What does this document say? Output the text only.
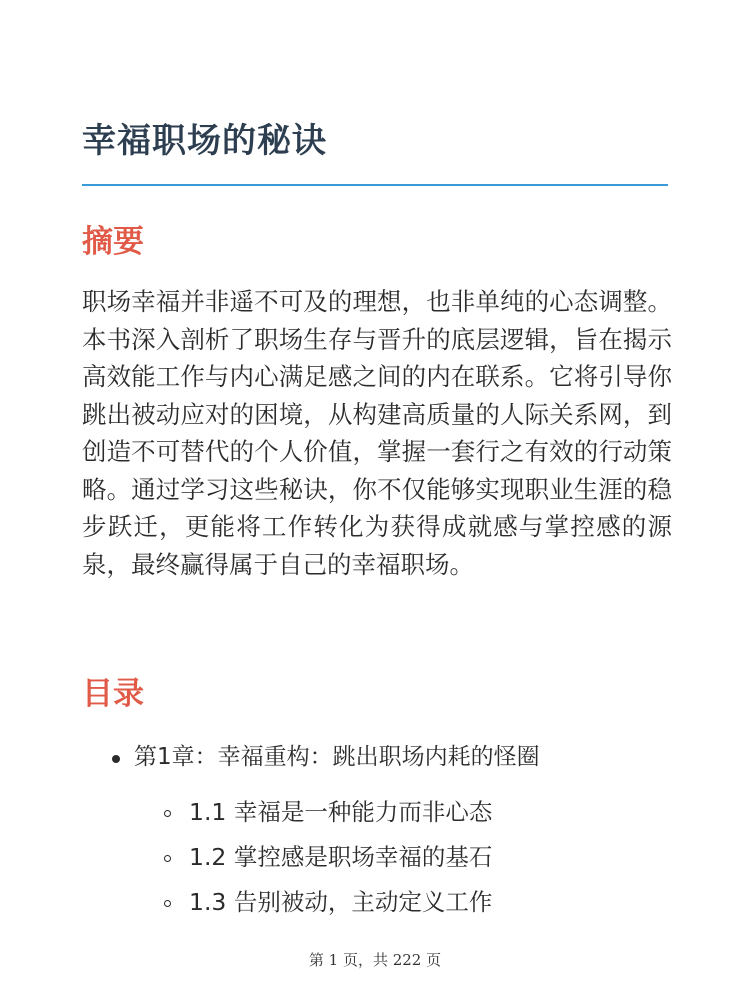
幸福职场的秘诀
摘要

职场幸福并非遥不可及的理想，也非单纯的心态调整。本书深入剖析了职场生存与晋升的底层逻辑，旨在揭示高效能工作与内心满足感之间的内在联系。它将引导你跳出被动应对的困境，从构建高质量的人际关系网，到创造不可替代的个人价值，掌握一套行之有效的行动策略。通过学习这些秘诀，你不仅能够实现职业生涯的稳步跃迁，更能将工作转化为获得成就感与掌控感的源泉，最终赢得属于自己的幸福职场。

目录
第1章：幸福重构：跳出职场内耗的怪圈
1.1 幸福是一种能力而非心态
1.2 掌控感是职场幸福的基石
1.3 告别被动，主动定义工作
第 1 页，共 222 页
